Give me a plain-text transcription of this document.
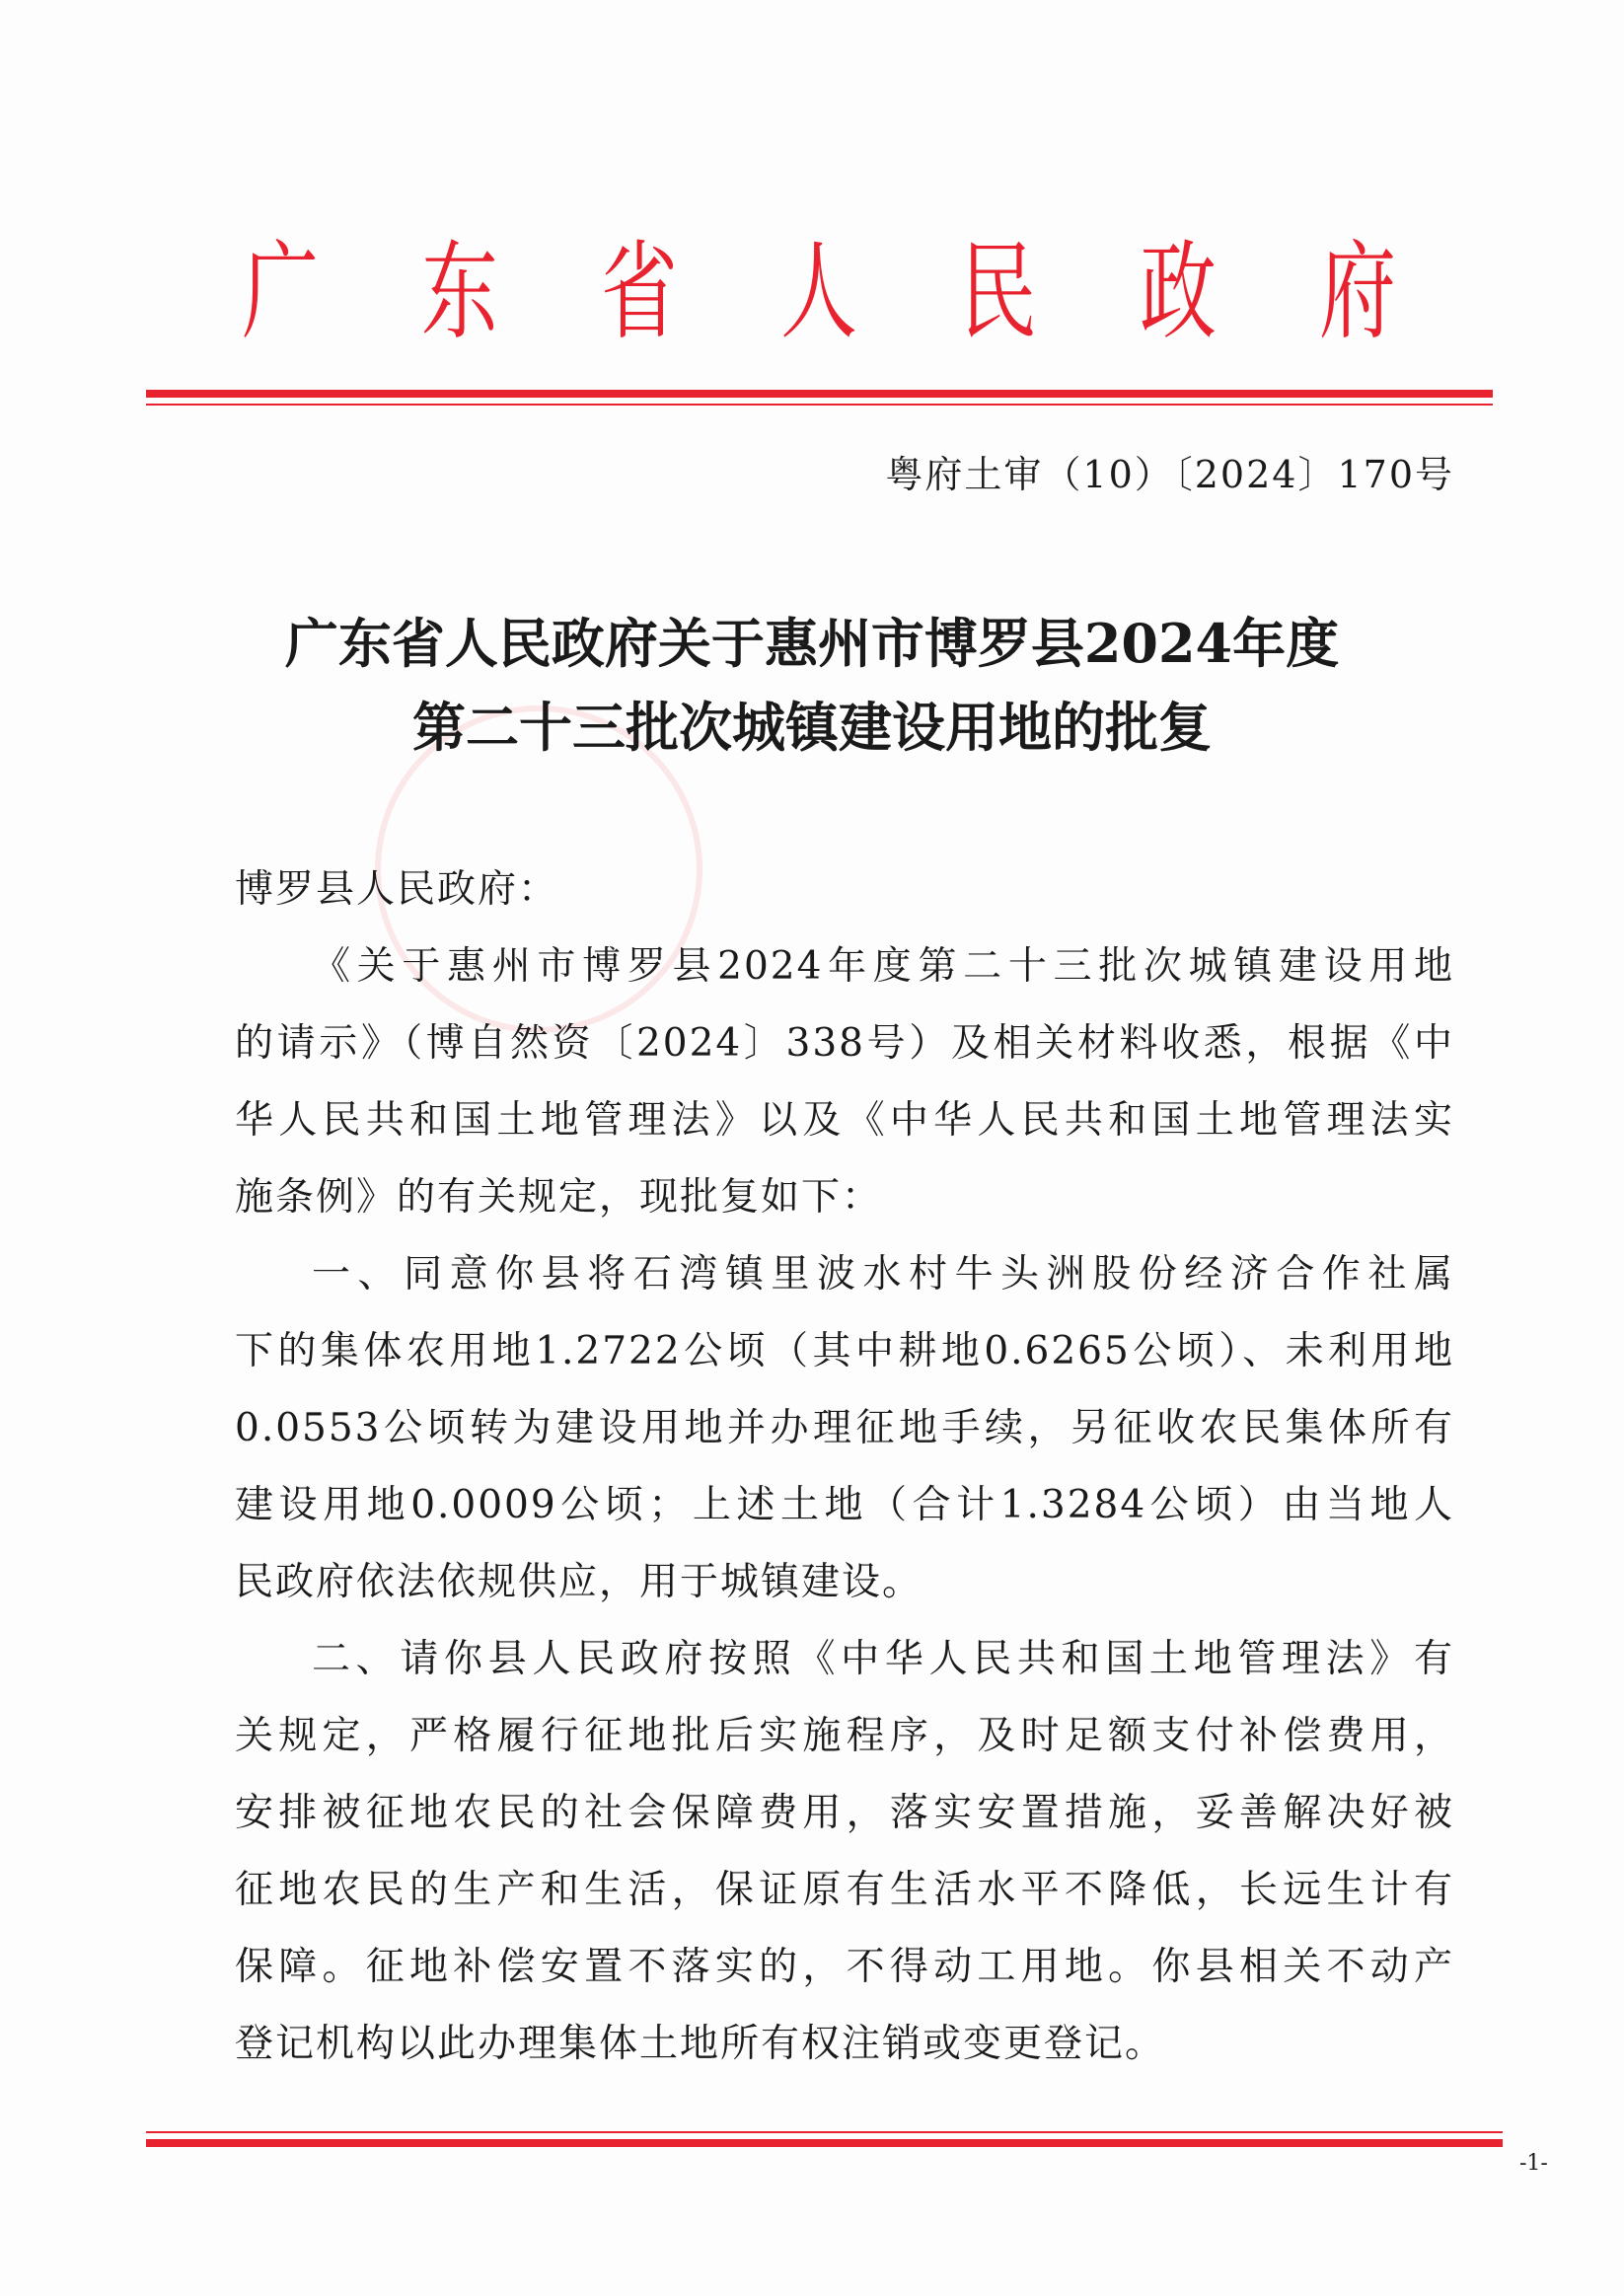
广 东 省 人 民 政 府
粤府土审（10）〔2024〕170号
广东省人民政府关于惠州市博罗县2024年度
第二十三批次城镇建设用地的批复
博罗县人民政府：
《关于惠州市博罗县2024年度第二十三批次城镇建设用地
的请示》（博自然资〔2024〕338号）及相关材料收悉，根据《中
华人民共和国土地管理法》以及《中华人民共和国土地管理法实
施条例》的有关规定，现批复如下：
一、同意你县将石湾镇里波水村牛头洲股份经济合作社属
下的集体农用地1.2722公顷（其中耕地0.6265公顷）、未利用地
0.0553公顷转为建设用地并办理征地手续，另征收农民集体所有
建设用地0.0009公顷；上述土地（合计1.3284公顷）由当地人
民政府依法依规供应，用于城镇建设。
二、请你县人民政府按照《中华人民共和国土地管理法》有
关规定，严格履行征地批后实施程序，及时足额支付补偿费用，
安排被征地农民的社会保障费用，落实安置措施，妥善解决好被
征地农民的生产和生活，保证原有生活水平不降低，长远生计有
保障。征地补偿安置不落实的，不得动工用地。你县相关不动产
登记机构以此办理集体土地所有权注销或变更登记。
-1-
